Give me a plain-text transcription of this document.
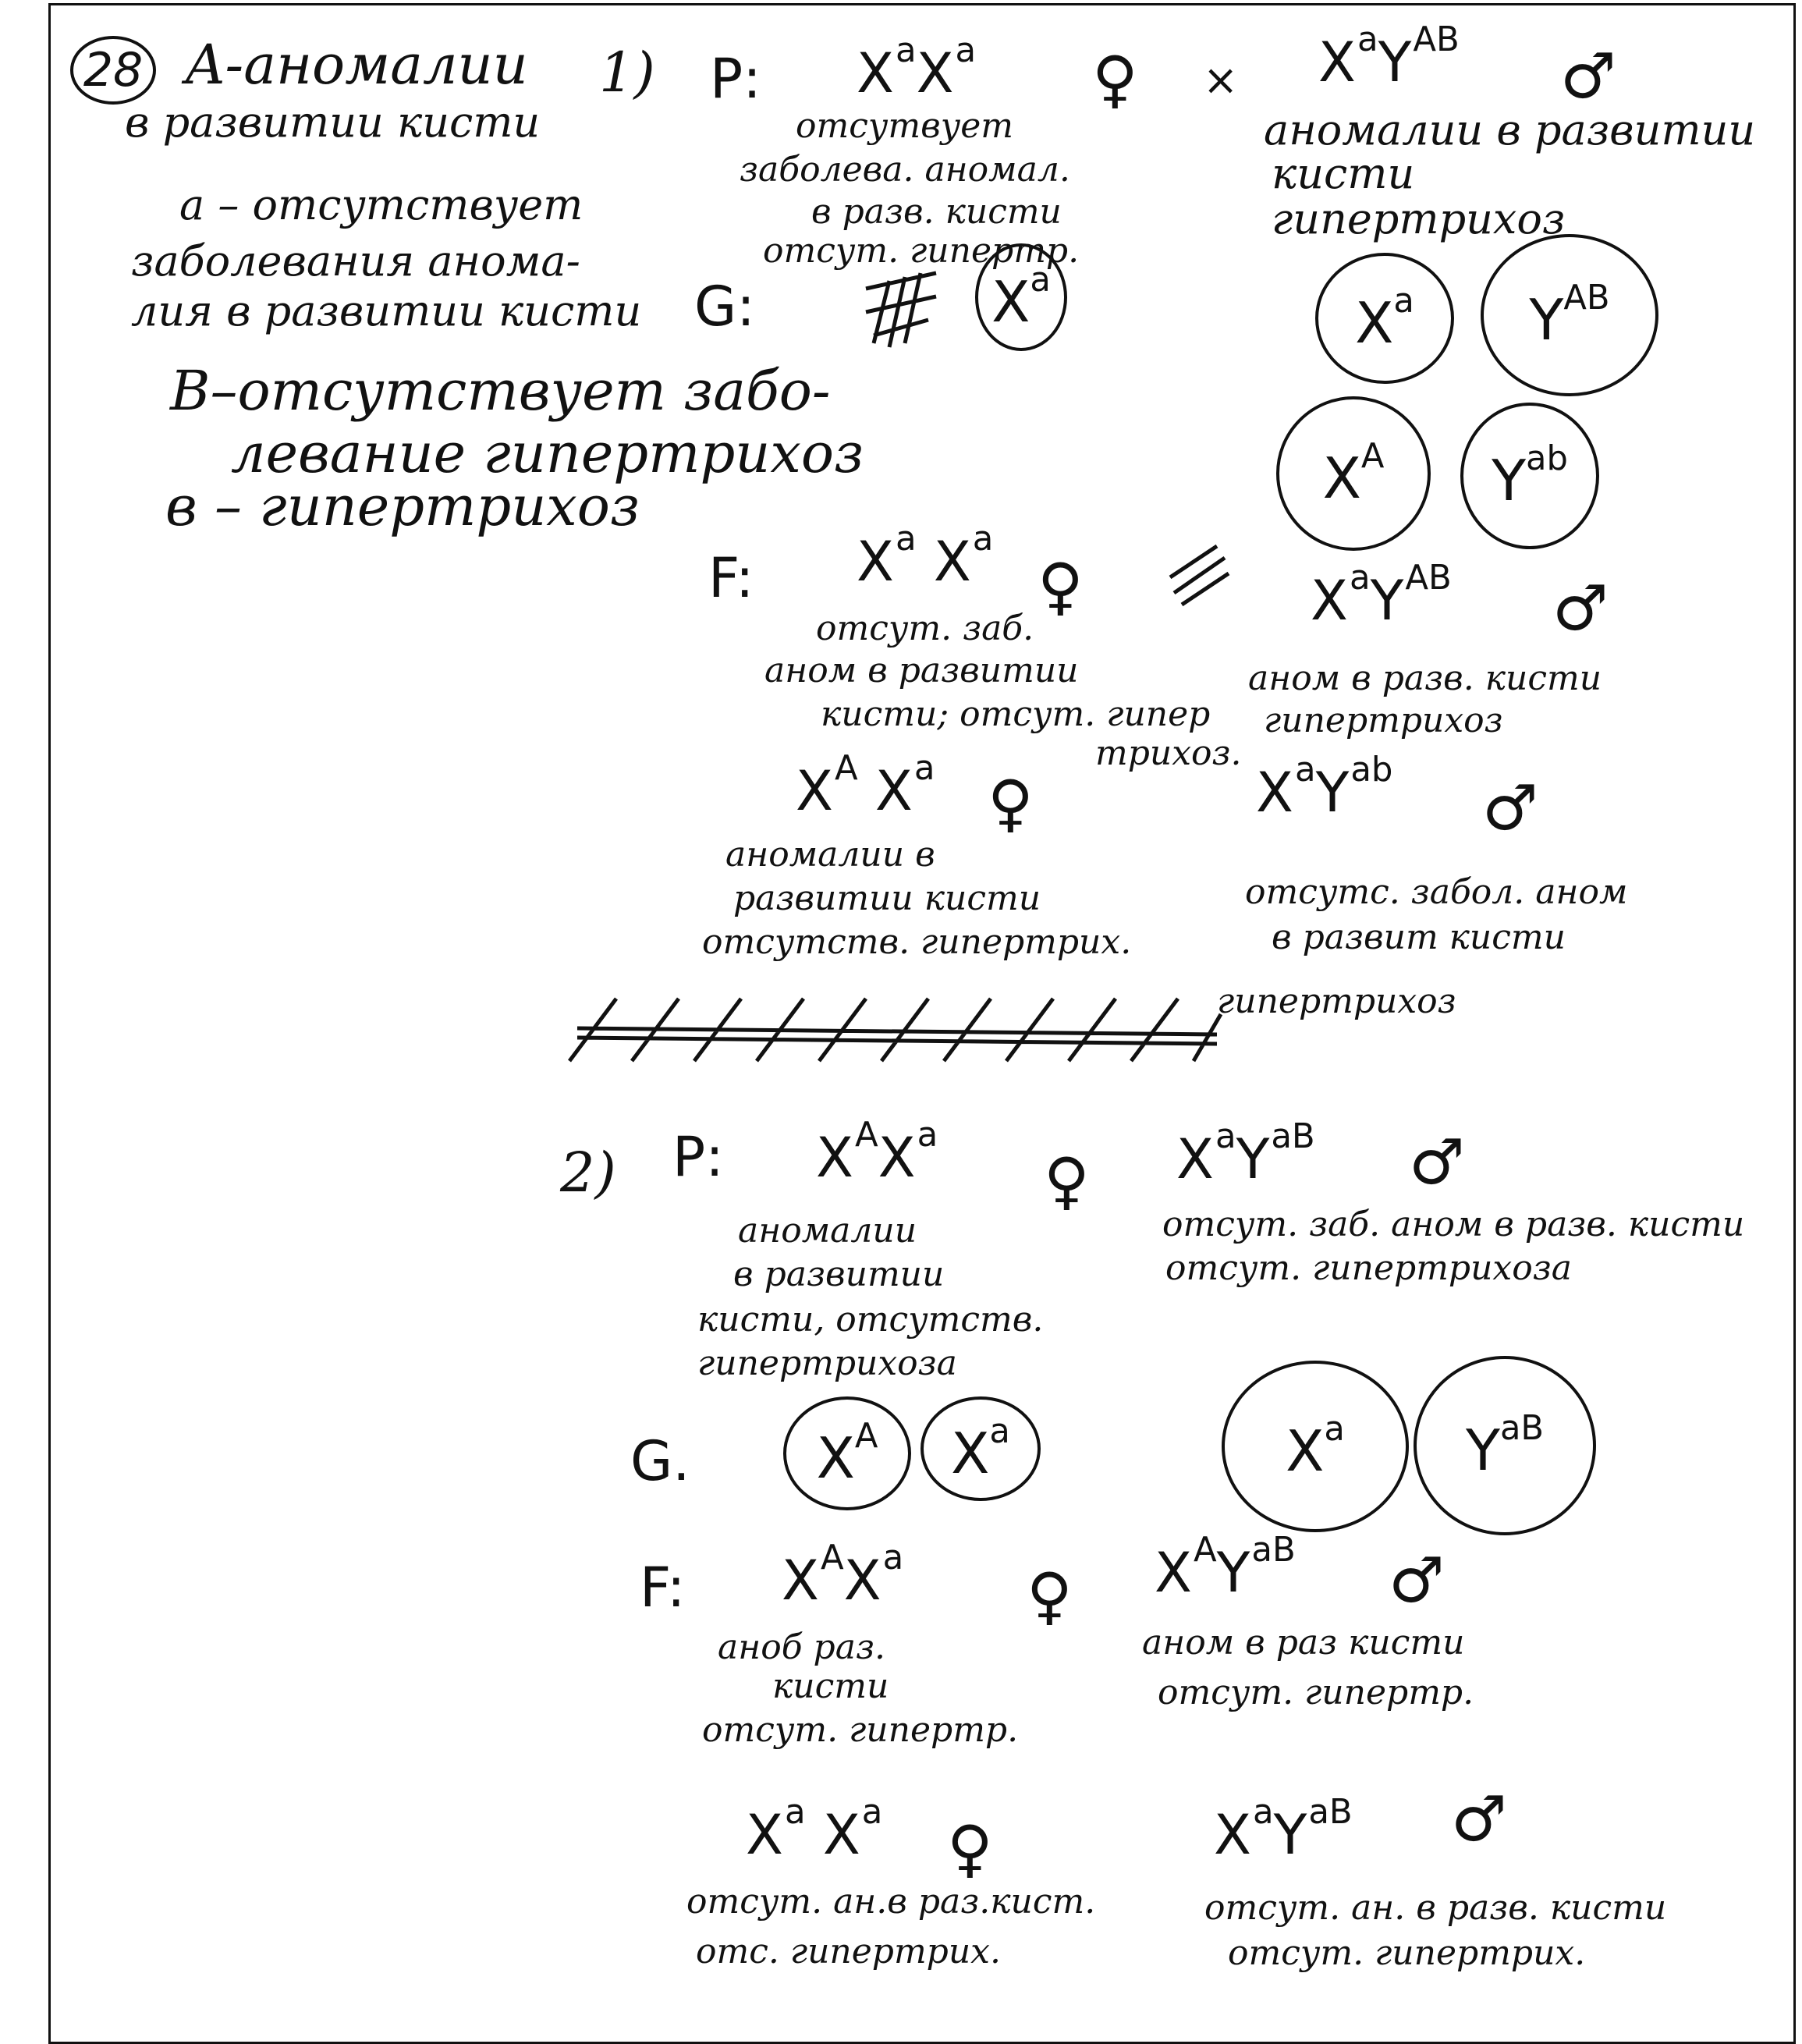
28 A-аномалии
в развитии кисти
a – отсутствует
заболевания анома-
лия в развитии кисти
B–отсутствует забо-
левание гипертрихоз
в – гипертрихоз
1) P: $X^aX^a$ ♀ × $X^aY^{AB}$ ♂
отсутвует
заболева. аномал.
в разв. кисти
отсут. гипертр.
аномалии в развитии
кисти
гипертрихоз
G:	$X^a$
$X^a$ $Y^{AB}$
$X^A$ $Y^{ab}$
F: $X^a$ $X^a$
♀
отсут. заб.
аном в развитии
кисти; отсут. гипер
трихоз.
$X^aY^{AB}$ ♂
аном в разв. кисти
гипертрихоз
$X^A$ $X^a$ ♀
аномалии в
развитии кисти
отсутств. гипертрих.
$X^aY^{ab}$
♂
отсутс. забол. аном
в развит кисти
гипертрихоз
2) P: $X^AX^a$
♀ $X^aY^{aB}$ ♂
аномалии
в развитии
кисти, отсутств.
гипертрихоза
отсут. заб. аном в разв. кисти
отсут. гипертрихоза
G. $X^A$ $X^a$	$X^a$ $Y^{aB}$
F: $X^AX^a$
♀
аноб раз.
кисти
отсут. гипертр.
$X^AY^{aB}$ ♂
аном в раз кисти
отсут. гипертр.
$X^a$ $X^a$ ♀
отсут. ан.в раз.кист.
отс. гипертрих.
$X^aY^{aB}$ ♂
отсут. ан. в разв. кисти
отсут. гипертрих.
